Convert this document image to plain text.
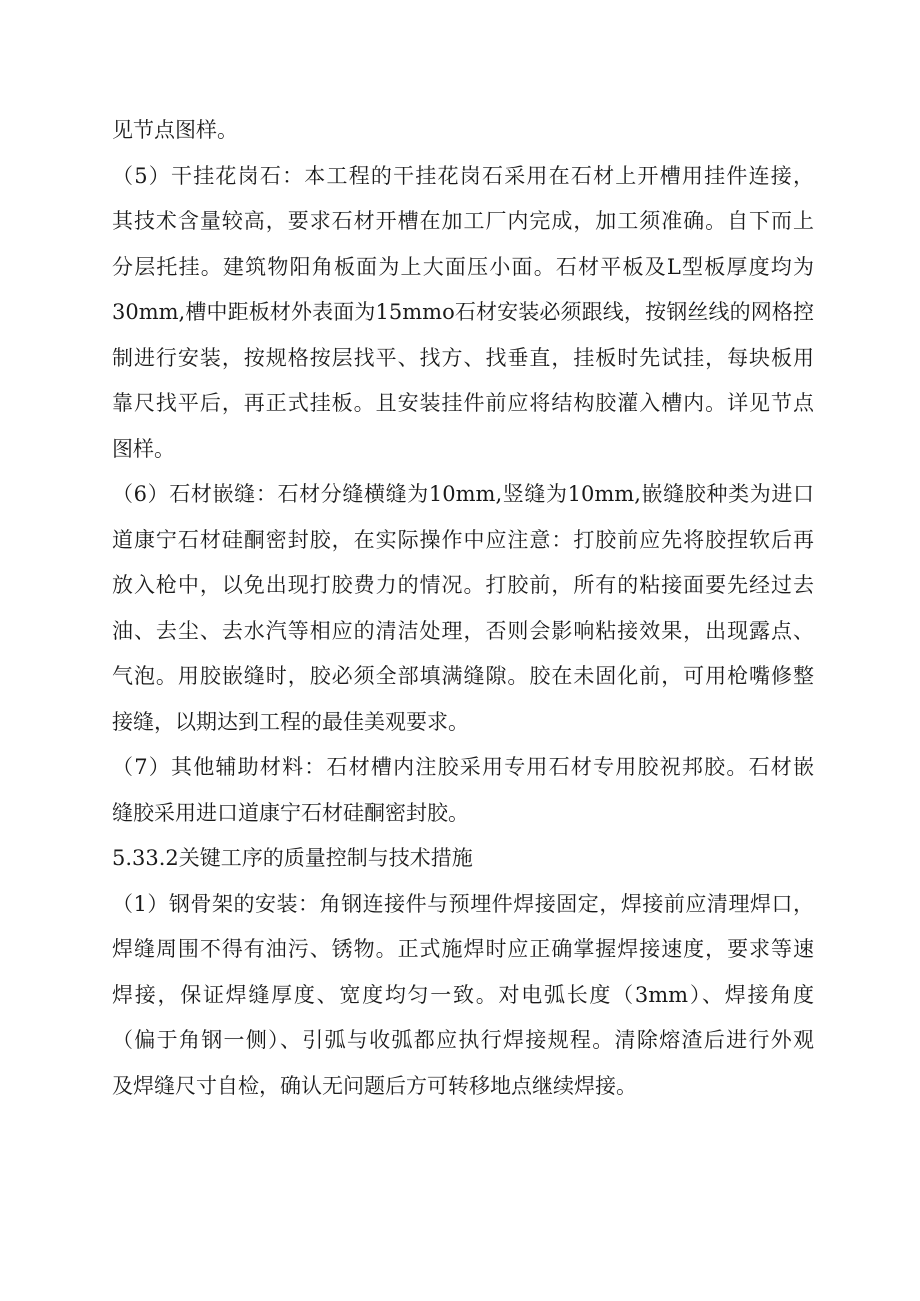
见节点图样。
（5）干挂花岗石：本工程的干挂花岗石采用在石材上开槽用挂件连接，
其技术含量较高，要求石材开槽在加工厂内完成，加工须准确。自下而上
分层托挂。建筑物阳角板面为上大面压小面。石材平板及L型板厚度均为
30mm,槽中距板材外表面为15mmo石材安装必须跟线，按钢丝线的网格控
制进行安装，按规格按层找平、找方、找垂直，挂板时先试挂，每块板用
靠尺找平后，再正式挂板。且安装挂件前应将结构胶灌入槽内。详见节点
图样。
（6）石材嵌缝：石材分缝横缝为10mm,竖缝为10mm,嵌缝胶种类为进口
道康宁石材硅酮密封胶，在实际操作中应注意：打胶前应先将胶捏软后再
放入枪中，以免出现打胶费力的情况。打胶前，所有的粘接面要先经过去
油、去尘、去水汽等相应的清洁处理，否则会影响粘接效果，出现露点、
气泡。用胶嵌缝时，胶必须全部填满缝隙。胶在未固化前，可用枪嘴修整
接缝，以期达到工程的最佳美观要求。
（7）其他辅助材料：石材槽内注胶采用专用石材专用胶祝邦胶。石材嵌
缝胶采用进口道康宁石材硅酮密封胶。
5.33.2关键工序的质量控制与技术措施
（1）钢骨架的安装：角钢连接件与预埋件焊接固定，焊接前应清理焊口，
焊缝周围不得有油污、锈物。正式施焊时应正确掌握焊接速度，要求等速
焊接，保证焊缝厚度、宽度均匀一致。对电弧长度（3mm）、焊接角度
（偏于角钢一侧）、引弧与收弧都应执行焊接规程。清除熔渣后进行外观
及焊缝尺寸自检，确认无问题后方可转移地点继续焊接。
